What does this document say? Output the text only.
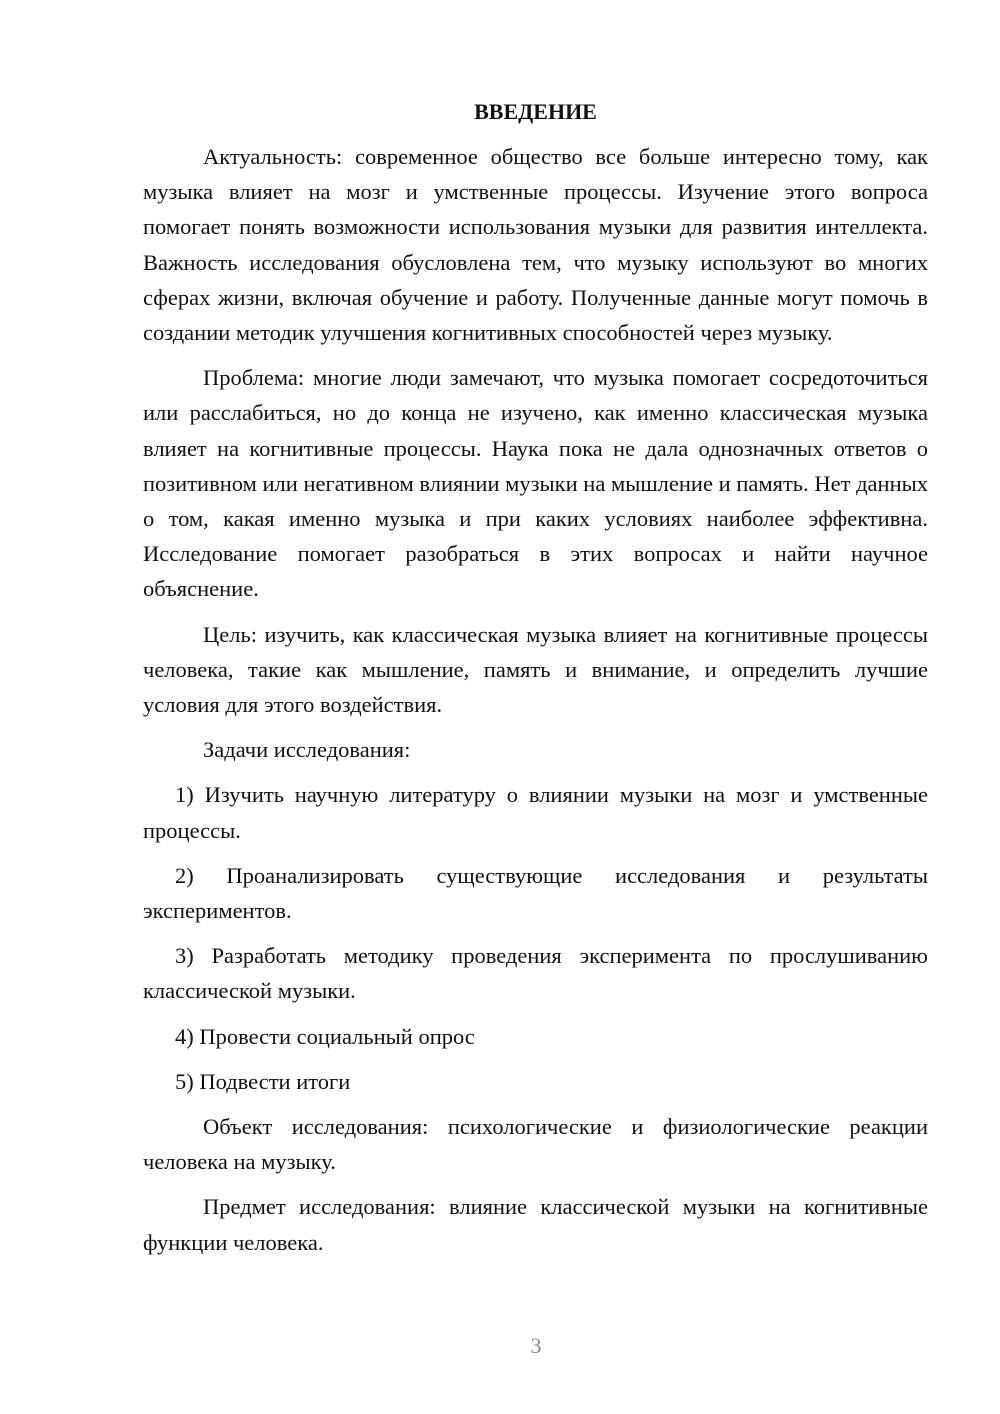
ВВЕДЕНИЕ

Актуальность: современное общество все больше интересно тому, как музыка влияет на мозг и умственные процессы. Изучение этого вопроса помогает понять возможности использования музыки для развития интеллекта. Важность исследования обусловлена тем, что музыку используют во многих сферах жизни, включая обучение и работу. Полученные данные могут помочь в создании методик улучшения когнитивных способностей через музыку.

Проблема: многие люди замечают, что музыка помогает сосредоточиться или расслабиться, но до конца не изучено, как именно классическая музыка влияет на когнитивные процессы. Наука пока не дала однозначных ответов о позитивном или негативном влиянии музыки на мышление и память. Нет данных о том, какая именно музыка и при каких условиях наиболее эффективна. Исследование помогает разобраться в этих вопросах и найти научное объяснение.

Цель: изучить, как классическая музыка влияет на когнитивные процессы человека, такие как мышление, память и внимание, и определить лучшие условия для этого воздействия.

Задачи исследования:

1) Изучить научную литературу о влиянии музыки на мозг и умственные процессы.

2) Проанализировать существующие исследования и результаты экспериментов.

3) Разработать методику проведения эксперимента по прослушиванию классической музыки.

4) Провести социальный опрос

5) Подвести итоги

Объект исследования: психологические и физиологические реакции человека на музыку.

Предмет исследования: влияние классической музыки на когнитивные функции человека.

3
